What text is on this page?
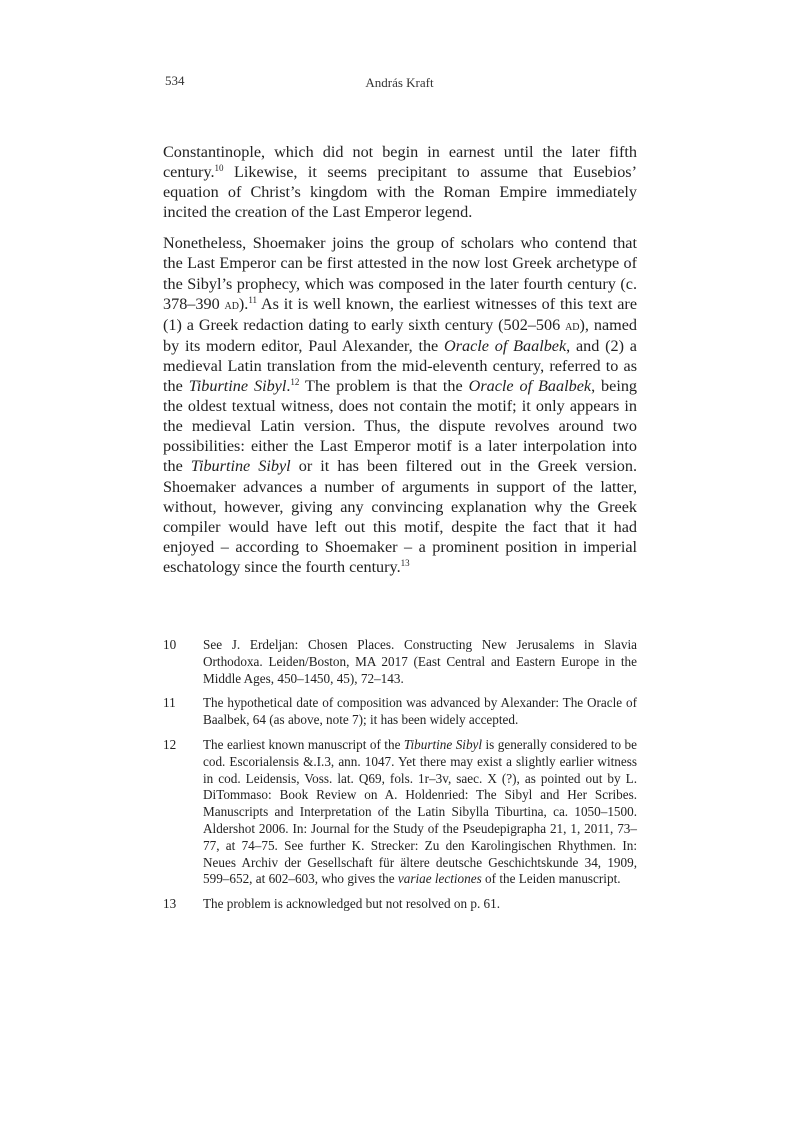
534	András Kraft

Constantinople, which did not begin in earnest until the later fifth century.$^{10}$ Likewise, it seems precipitant to assume that Eusebios’ equation of Christ’s kingdom with the Roman Empire immediately incited the creation of the Last Emperor legend.

Nonetheless, Shoemaker joins the group of scholars who contend that the Last Emperor can be first attested in the now lost Greek archetype of the Sibyl’s prophecy, which was composed in the later fourth century (c. 378–390 ad).$^{11}$ As it is well known, the earliest witnesses of this text are (1) a Greek redaction dating to early sixth century (502–506 ad), named by its modern editor, Paul Alexander, the Oracle of Baalbek, and (2) a medieval Latin translation from the mid-eleventh century, referred to as the Tiburtine Sibyl.$^{12}$ The problem is that the Oracle of Baalbek, being the oldest textual witness, does not contain the motif; it only appears in the medieval Latin version. Thus, the dispute revolves around two possibilities: either the Last Emperor motif is a later interpolation into the Tiburtine Sibyl or it has been filtered out in the Greek version. Shoemaker advances a number of arguments in support of the latter, without, however, giving any convincing explanation why the Greek compiler would have left out this motif, despite the fact that it had enjoyed – according to Shoemaker – a prominent position in imperial eschatology since the fourth century.$^{13}$

10	See J. Erdeljan: Chosen Places. Constructing New Jerusalems in Slavia Orthodoxa. Leiden/Boston, MA 2017 (East Central and Eastern Europe in the Middle Ages, 450–1450, 45), 72–143.
11	The hypothetical date of composition was advanced by Alexander: The Oracle of Baalbek, 64 (as above, note 7); it has been widely accepted.
12	The earliest known manuscript of the Tiburtine Sibyl is generally considered to be cod. Escorialensis &.I.3, ann. 1047. Yet there may exist a slightly earlier witness in cod. Leidensis, Voss. lat. Q69, fols. 1r–3v, saec. X (?), as pointed out by L. DiTommaso: Book Review on A. Holdenried: The Sibyl and Her Scribes. Manuscripts and Interpretation of the Latin Sibylla Tiburtina, ca. 1050–1500. Aldershot 2006. In: Journal for the Study of the Pseudepigrapha 21, 1, 2011, 73–77, at 74–75. See further K. Strecker: Zu den Karolingischen Rhythmen. In: Neues Archiv der Gesellschaft für ältere deutsche Geschichtskunde 34, 1909, 599–652, at 602–603, who gives the variae lectiones of the Leiden manuscript.
13	The problem is acknowledged but not resolved on p. 61.
